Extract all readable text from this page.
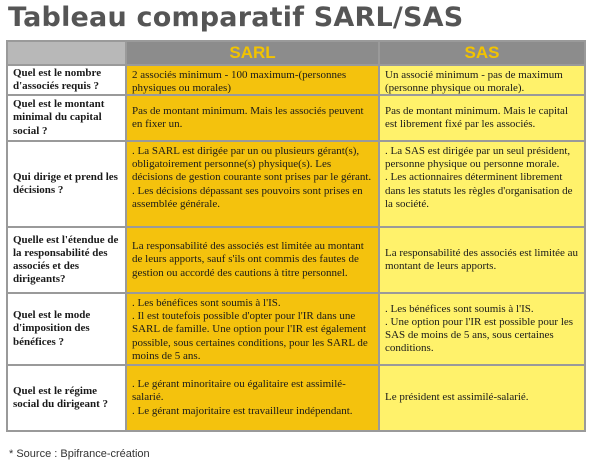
Tableau comparatif SARL/SAS
SARL	SAS
Quel est le nombre d'associés requis ?
2 associés minimum - 100 maximum-(personnes physiques ou morales)
Un associé minimum - pas de maximum (personne physique ou morale).
Quel est le montant minimal du capital social ?
Pas de montant minimum. Mais les associés peuvent en fixer un.
Pas de montant minimum. Mais le capital est librement fixé par les associés.
Qui dirige et prend les décisions ?
. La SARL est dirigée par un ou plusieurs gérant(s), obligatoirement personne(s) physique(s). Les décisions de gestion courante sont prises par le gérant.
. Les décisions dépassant ses pouvoirs sont prises en assemblée générale.
. La SAS est dirigée par un seul président, personne physique ou personne morale.
. Les actionnaires déterminent librement dans les statuts les règles d'organisation de la société.
Quelle est l'étendue de la responsabilité des associés et des dirigeants?
La responsabilité des associés est limitée au montant de leurs apports, sauf s'ils ont commis des fautes de gestion ou accordé des cautions à titre personnel.
La responsabilité des associés est limitée au montant de leurs apports.
Quel est le mode d'imposition des bénéfices ?
. Les bénéfices sont soumis à l'IS.
. Il est toutefois possible d'opter pour l'IR dans une SARL de famille. Une option pour l'IR est également possible, sous certaines conditions, pour les SARL de moins de 5 ans.
. Les bénéfices sont soumis à l'IS.
. Une option pour l'IR est possible pour les SAS de moins de 5 ans, sous certaines conditions.
Quel est le régime social du dirigeant ?
. Le gérant minoritaire ou égalitaire est assimilé-salarié.
. Le gérant majoritaire est travailleur indépendant.
Le président est assimilé-salarié.
* Source : Bpifrance-création
